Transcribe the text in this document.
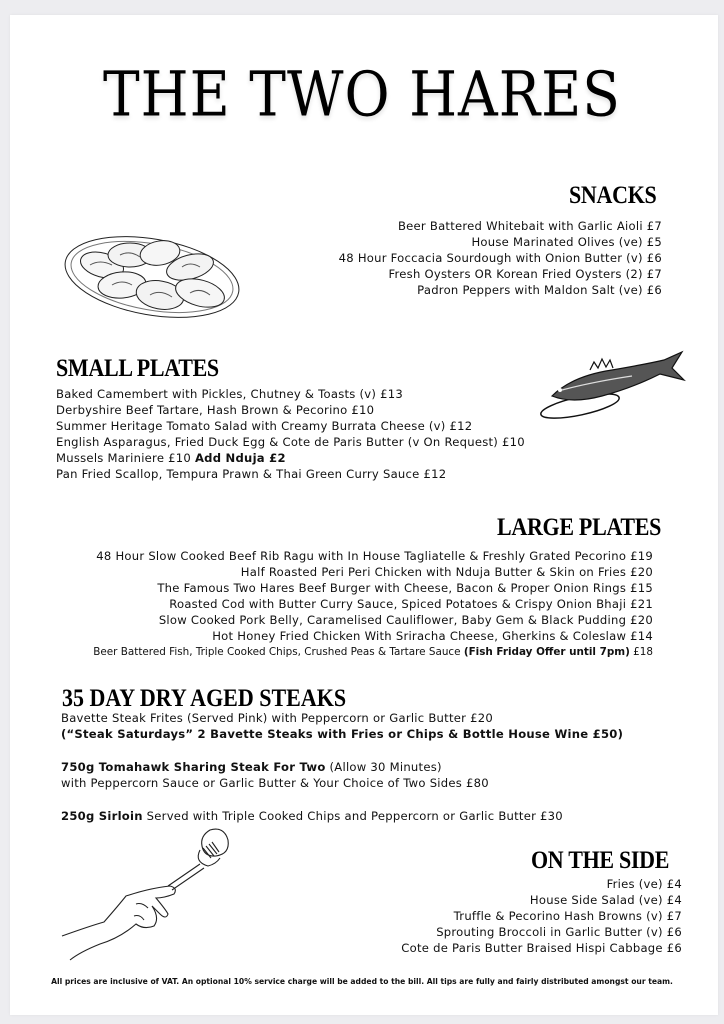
THE TWO HARES
SNACKS
Beer Battered Whitebait with Garlic Aioli £7
House Marinated Olives (ve) £5
48 Hour Foccacia Sourdough with Onion Butter (v) £6
Fresh Oysters OR Korean Fried Oysters (2) £7
Padron Peppers with Maldon Salt (ve) £6
SMALL PLATES
Baked Camembert with Pickles, Chutney & Toasts (v) £13
Derbyshire Beef Tartare, Hash Brown & Pecorino £10
Summer Heritage Tomato Salad with Creamy Burrata Cheese (v) £12
English Asparagus, Fried Duck Egg & Cote de Paris Butter (v On Request) £10
Mussels Mariniere £10 Add Nduja £2
Pan Fried Scallop, Tempura Prawn & Thai Green Curry Sauce £12
LARGE PLATES
48 Hour Slow Cooked Beef Rib Ragu with In House Tagliatelle & Freshly Grated Pecorino £19
Half Roasted Peri Peri Chicken with Nduja Butter & Skin on Fries £20
The Famous Two Hares Beef Burger with Cheese, Bacon & Proper Onion Rings £15
Roasted Cod with Butter Curry Sauce, Spiced Potatoes & Crispy Onion Bhaji £21
Slow Cooked Pork Belly, Caramelised Cauliflower, Baby Gem & Black Pudding £20
Hot Honey Fried Chicken With Sriracha Cheese, Gherkins & Coleslaw £14
Beer Battered Fish, Triple Cooked Chips, Crushed Peas & Tartare Sauce (Fish Friday Offer until 7pm) £18
35 DAY DRY AGED STEAKS
Bavette Steak Frites (Served Pink) with Peppercorn or Garlic Butter £20
(“Steak Saturdays” 2 Bavette Steaks with Fries or Chips & Bottle House Wine £50)
750g Tomahawk Sharing Steak For Two (Allow 30 Minutes)
with Peppercorn Sauce or Garlic Butter & Your Choice of Two Sides £80
250g Sirloin Served with Triple Cooked Chips and Peppercorn or Garlic Butter £30
ON THE SIDE
Fries (ve) £4
House Side Salad (ve) £4
Truffle & Pecorino Hash Browns (v) £7
Sprouting Broccoli in Garlic Butter (v) £6
Cote de Paris Butter Braised Hispi Cabbage £6
All prices are inclusive of VAT. An optional 10% service charge will be added to the bill. All tips are fully and fairly distributed amongst our team.
